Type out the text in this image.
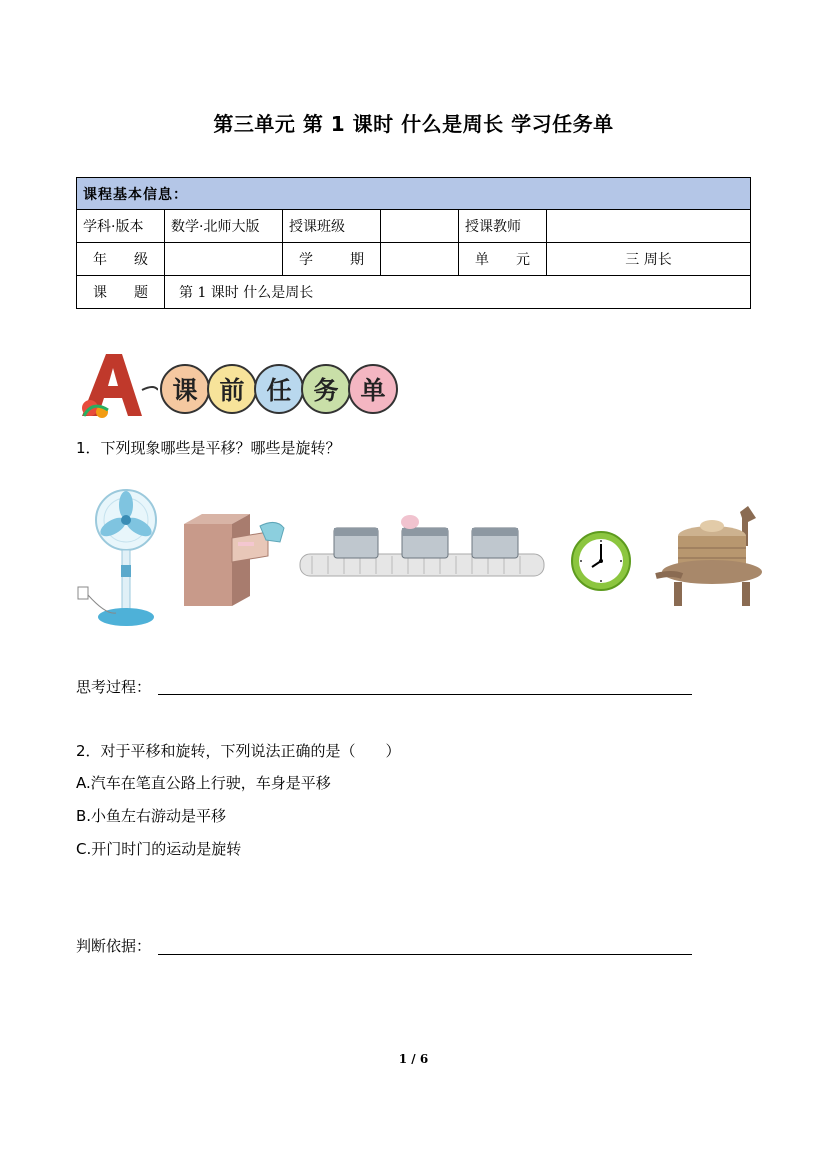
第三单元 第 1 课时 什么是周长 学习任务单
课程基本信息：					
学科·版本	数学·北师大版	授课班级		授课教师	

年 级		学 期		单 元	三 周长

课 题	第 1 课时 什么是周长				
课 前 任 务 单
1．下列现象哪些是平移？哪些是旋转？
思考过程：
2．对于平移和旋转，下列说法正确的是（　　）
A.汽车在笔直公路上行驶，车身是平移
B.小鱼左右游动是平移
C.开门时门的运动是旋转
判断依据：
1 / 6
